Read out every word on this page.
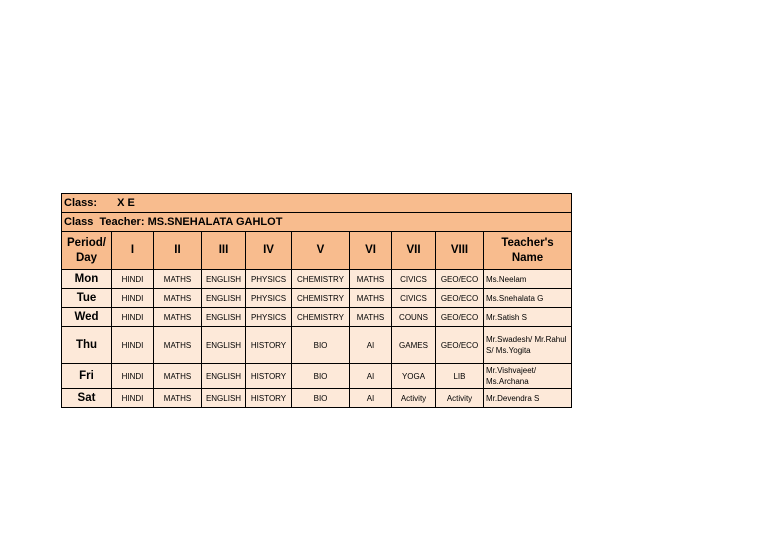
Class: X E									
Class  Teacher: MS.SNEHALATA GAHLOT									
Period/ Day	I	II	III	IV	V	VI	VII	VIII	Teacher's Name
Mon	HINDI	MATHS	ENGLISH	PHYSICS	CHEMISTRY	MATHS	CIVICS	GEO/ECO	Ms.Neelam
Tue	HINDI	MATHS	ENGLISH	PHYSICS	CHEMISTRY	MATHS	CIVICS	GEO/ECO	Ms.Snehalata G
Wed	HINDI	MATHS	ENGLISH	PHYSICS	CHEMISTRY	MATHS	COUNS	GEO/ECO	Mr.Satish S
Thu	HINDI	MATHS	ENGLISH	HISTORY	BIO	AI	GAMES	GEO/ECO	Mr.Swadesh/ Mr.Rahul S/ Ms.Yogita
Fri	HINDI	MATHS	ENGLISH	HISTORY	BIO	AI	YOGA	LIB	Mr.Vishvajeet/ Ms.Archana
Sat	HINDI	MATHS	ENGLISH	HISTORY	BIO	AI	Activity	Activity	Mr.Devendra S
